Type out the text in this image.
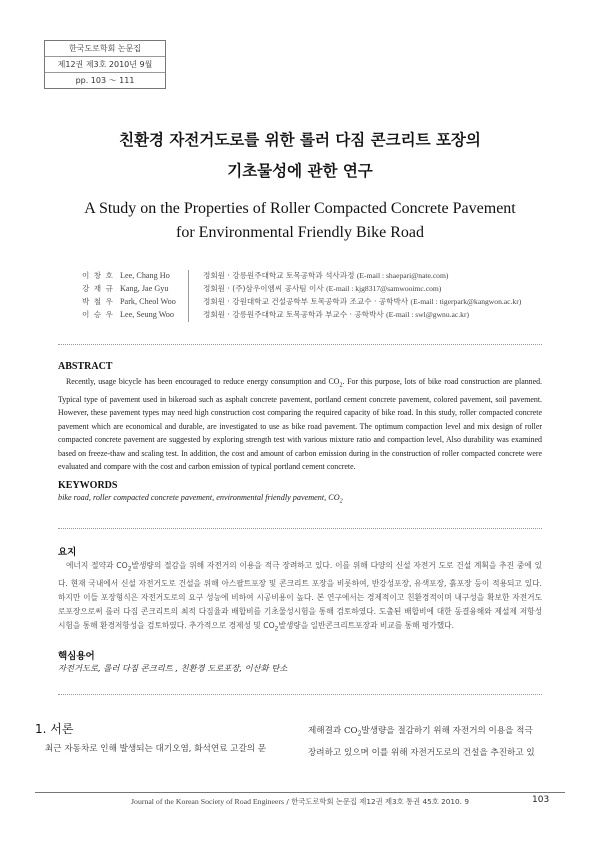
한국도로학회 논문집
제12권 제3호 2010년 9월
pp. 103 ～ 111
친환경 자전거도로를 위한 롤러 다짐 콘크리트 포장의
기초물성에 관한 연구
A Study on the Properties of Roller Compacted Concrete Pavement
for Environmental Friendly Bike Road
이 창 호 Lee, Chang Ho	정회원 · 강릉원주대학교 토목공학과 석사과정 (E-mail : shaepari@nate.com)
강 재 규 Kang, Jae Gyu	정회원 · (주)삼우이엠씨 공사팀 이사 (E-mail : kjg8317@samwooimc.com)
박 철 우 Park, Cheol Woo	정회원 · 강원대학교 건설공학부 토목공학과 조교수 · 공학박사 (E-mail : tigerpark@kangwon.ac.kr)
이 승 우 Lee, Seung Woo	정회원 · 강릉원주대학교 토목공학과 부교수 · 공학박사 (E-mail : swl@gwnu.ac.kr)
ABSTRACT
Recently, usage bicycle has been encouraged to reduce energy consumption and $CO_2$. For this purpose, lots of bike road construction are planned. Typical type of pavement used in bikeroad such as asphalt concrete pavement, portland cement concrete pavement, colored pavement, soil pavement. However, these pavement types may need high construction cost comparing the required capacity of bike road. In this study, roller compacted concrete pavement which are economical and durable, are investigated to use as bike road pavement. The optimum compaction level and mix design of roller compacted concrete pavement are suggested by exploring strength test with various mixture ratio and compaction level, Also durability was examined based on freeze-thaw and scaling test. In addition, the cost and amount of carbon emission during in the construction of roller compacted concrete were evaluated and compare with the cost and carbon emission of typical portland cement concrete.
KEYWORDS
bike road, roller compacted concrete pavement, environmental friendly pavement, $CO_2$
요지
에너지 절약과 $CO_2$발생량의 절감을 위해 자전거의 이용을 적극 장려하고 있다. 이를 위해 다양의 신설 자전거 도로 건설 계획을 추진 중에 있다. 현재 국내에서 신설 자전거도로 건설을 위해 아스팔트포장 및 콘크리트 포장을 비롯하여, 반강성포장, 유색포장, 흙포장 등이 적용되고 있다. 하지만 이들 포장형식은 자전거도로의 요구 성능에 비하여 시공비용이 높다. 본 연구에서는 경제적이고 친환경적이며 내구성을 확보한 자전거도로포장으로써 롤러 다짐 콘크리트의 최적 다짐율과 배합비를 기초물성시험을 통해 검토하였다. 도출된 배합비에 대한 동결융해와 제설제 저항성 시험을 통해 환경저항성을 검토하였다. 추가적으로 경제성 및 $CO_2$발생량을 일반콘크리트포장과 비교를 통해 평가했다.
핵심용어
자전거도로, 롤러 다짐 콘크리트 , 친환경 도로포장, 이산화 탄소
1. 서론
최근 자동차로 인해 발생되는 대기오염, 화석연료 고갈의 문
제해결과 $CO_2$발생량을 절감하기 위해 자전거의 이용을 적극
장려하고 있으며 이를 위해 자전거도로의 건설을 추진하고 있
Journal of the Korean Society of Road Engineers / 한국도로학회 논문집 제12권 제3호 통권 45호 2010. 9	103
